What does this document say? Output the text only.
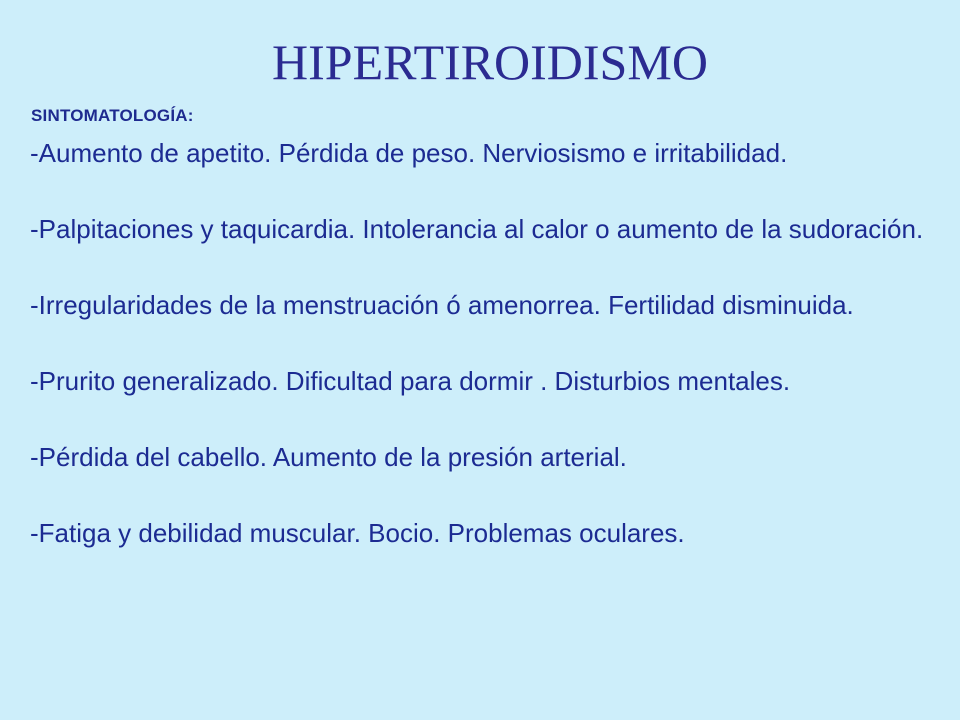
HIPERTIROIDISMO

SINTOMATOLOGÍA:

-Aumento de apetito. Pérdida de peso. Nerviosismo e irritabilidad.
-Palpitaciones y taquicardia. Intolerancia al calor o aumento de la sudoración.
-Irregularidades de la menstruación ó amenorrea. Fertilidad disminuida.
-Prurito generalizado. Dificultad para dormir . Disturbios mentales.
-Pérdida del cabello. Aumento de la presión arterial.
-Fatiga y debilidad muscular. Bocio. Problemas oculares.
